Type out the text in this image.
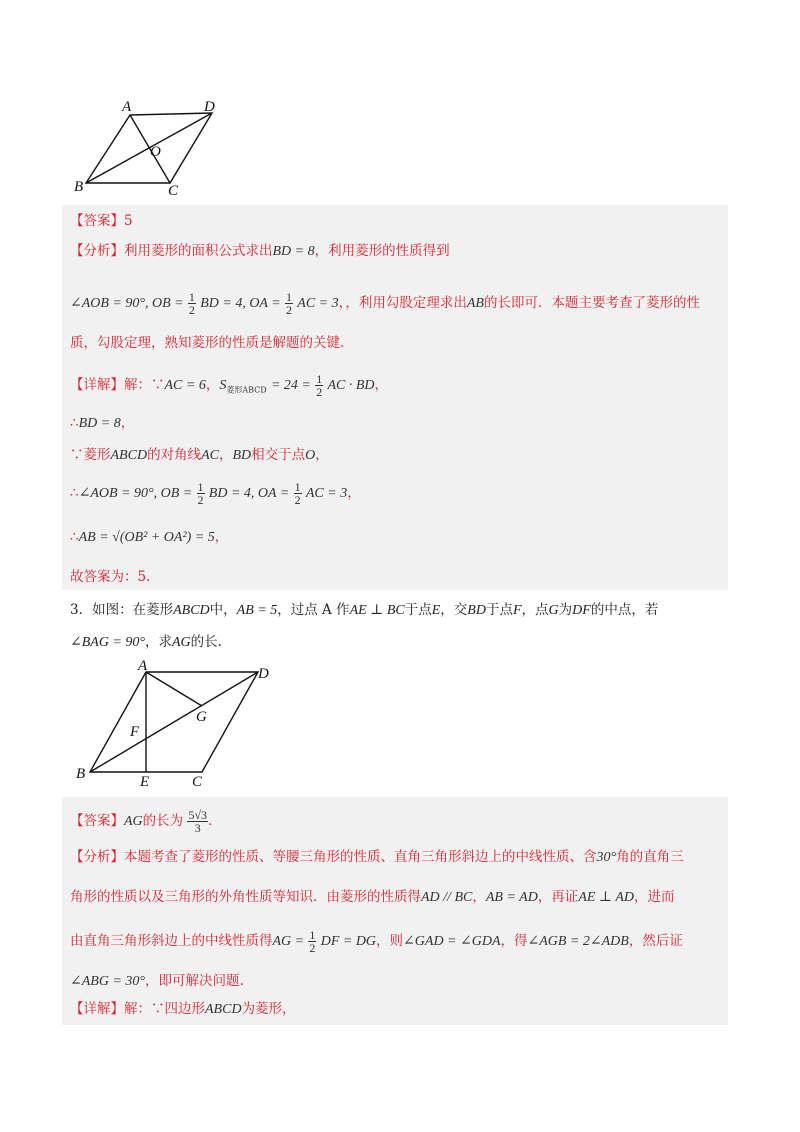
A	D
O
B	C
【答案】5
【分析】利用菱形的面积公式求出BD = 8，利用菱形的性质得到
∠AOB = 90°, OB = $\frac{1}{2}$ BD = 4, OA = $\frac{1}{2}$ AC = 3，，利用勾股定理求出AB的长即可．本题主要考查了菱形的性
质，勾股定理，熟知菱形的性质是解题的关键．
【详解】解：∵AC = 6，$S_{菱形ABCD} = 24 = \frac{1}{2}$ AC · BD，
∴BD = 8，
∵菱形ABCD的对角线AC，BD相交于点O，
∴∠AOB = 90°, OB = $\frac{1}{2}$ BD = 4, OA = $\frac{1}{2}$ AC = 3，
∴AB = √(OB² + OA²) = 5，
故答案为：5．
3．如图：在菱形ABCD中，AB = 5，过点 A 作AE ⊥ BC于点E，交BD于点F，点G为DF的中点，若
∠BAG = 90°，求AG的长.
A	D
G
F
B	E	C
【答案】AG的长为 $\frac{5√3}{3}$ ．
【分析】本题考查了菱形的性质、等腰三角形的性质、直角三角形斜边上的中线性质、含30°角的直角三
角形的性质以及三角形的外角性质等知识．由菱形的性质得AD // BC，AB = AD，再证AE ⊥ AD，进而
由直角三角形斜边上的中线性质得AG = $\frac{1}{2}$ DF = DG，则∠GAD = ∠GDA，得∠AGB = 2∠ADB，然后证
∠ABG = 30°，即可解决问题.
【详解】解：∵四边形ABCD为菱形，
